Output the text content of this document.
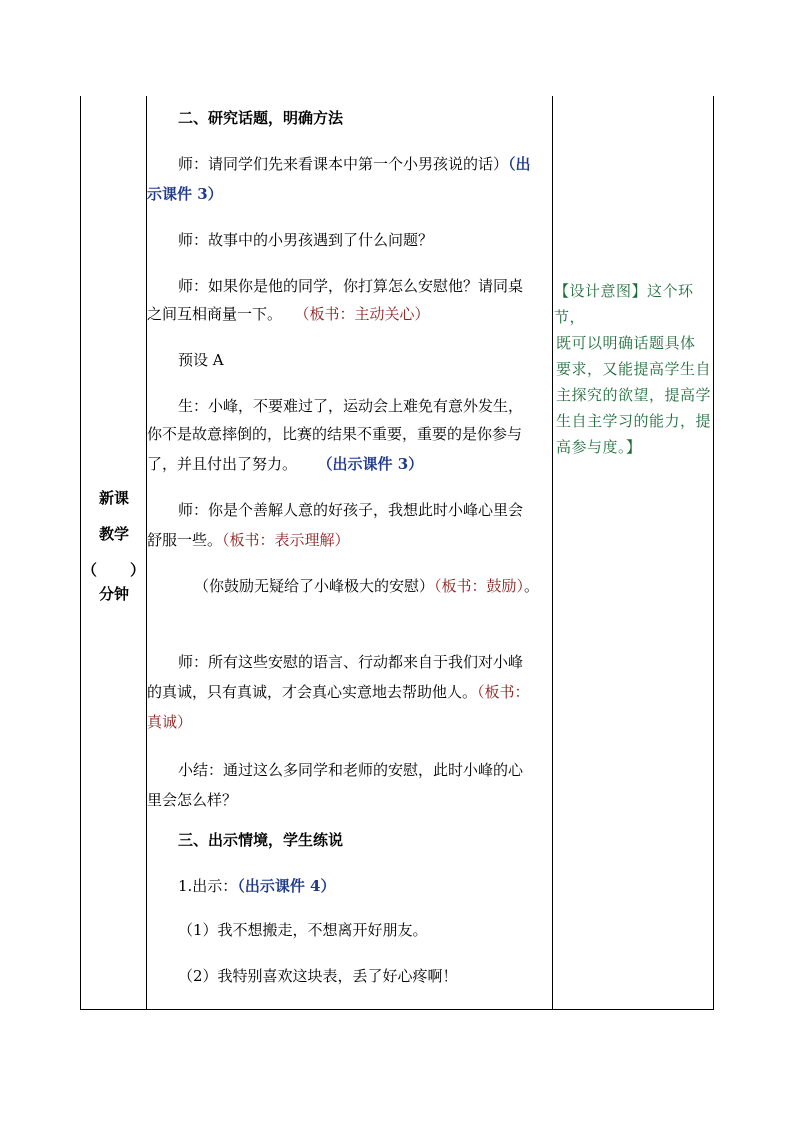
新课
教学
（ ）
分钟
二、研究话题，明确方法
师：请同学们先来看课本中第一个小男孩说的话）（出
示课件 3）
师：故事中的小男孩遇到了什么问题？
师：如果你是他的同学，你打算怎么安慰他？请同桌
之间互相商量一下。 （板书：主动关心）
预设 A
生：小峰，不要难过了，运动会上难免有意外发生，
你不是故意摔倒的，比赛的结果不重要，重要的是你参与
了，并且付出了努力。 （出示课件 3）
师：你是个善解人意的好孩子，我想此时小峰心里会
舒服一些。（板书：表示理解）
（你鼓励无疑给了小峰极大的安慰）（板书：鼓励）。
师：所有这些安慰的语言、行动都来自于我们对小峰
的真诚，只有真诚，才会真心实意地去帮助他人。（板书：
真诚）
小结：通过这么多同学和老师的安慰，此时小峰的心
里会怎么样？
三、出示情境，学生练说
1.出示：（出示课件 4）
（1）我不想搬走，不想离开好朋友。
（2）我特别喜欢这块表，丢了好心疼啊！
【设计意图】这个环节，
既可以明确话题具体
要求，又能提高学生自
主探究的欲望，提高学
生自主学习的能力，提
高参与度。】
